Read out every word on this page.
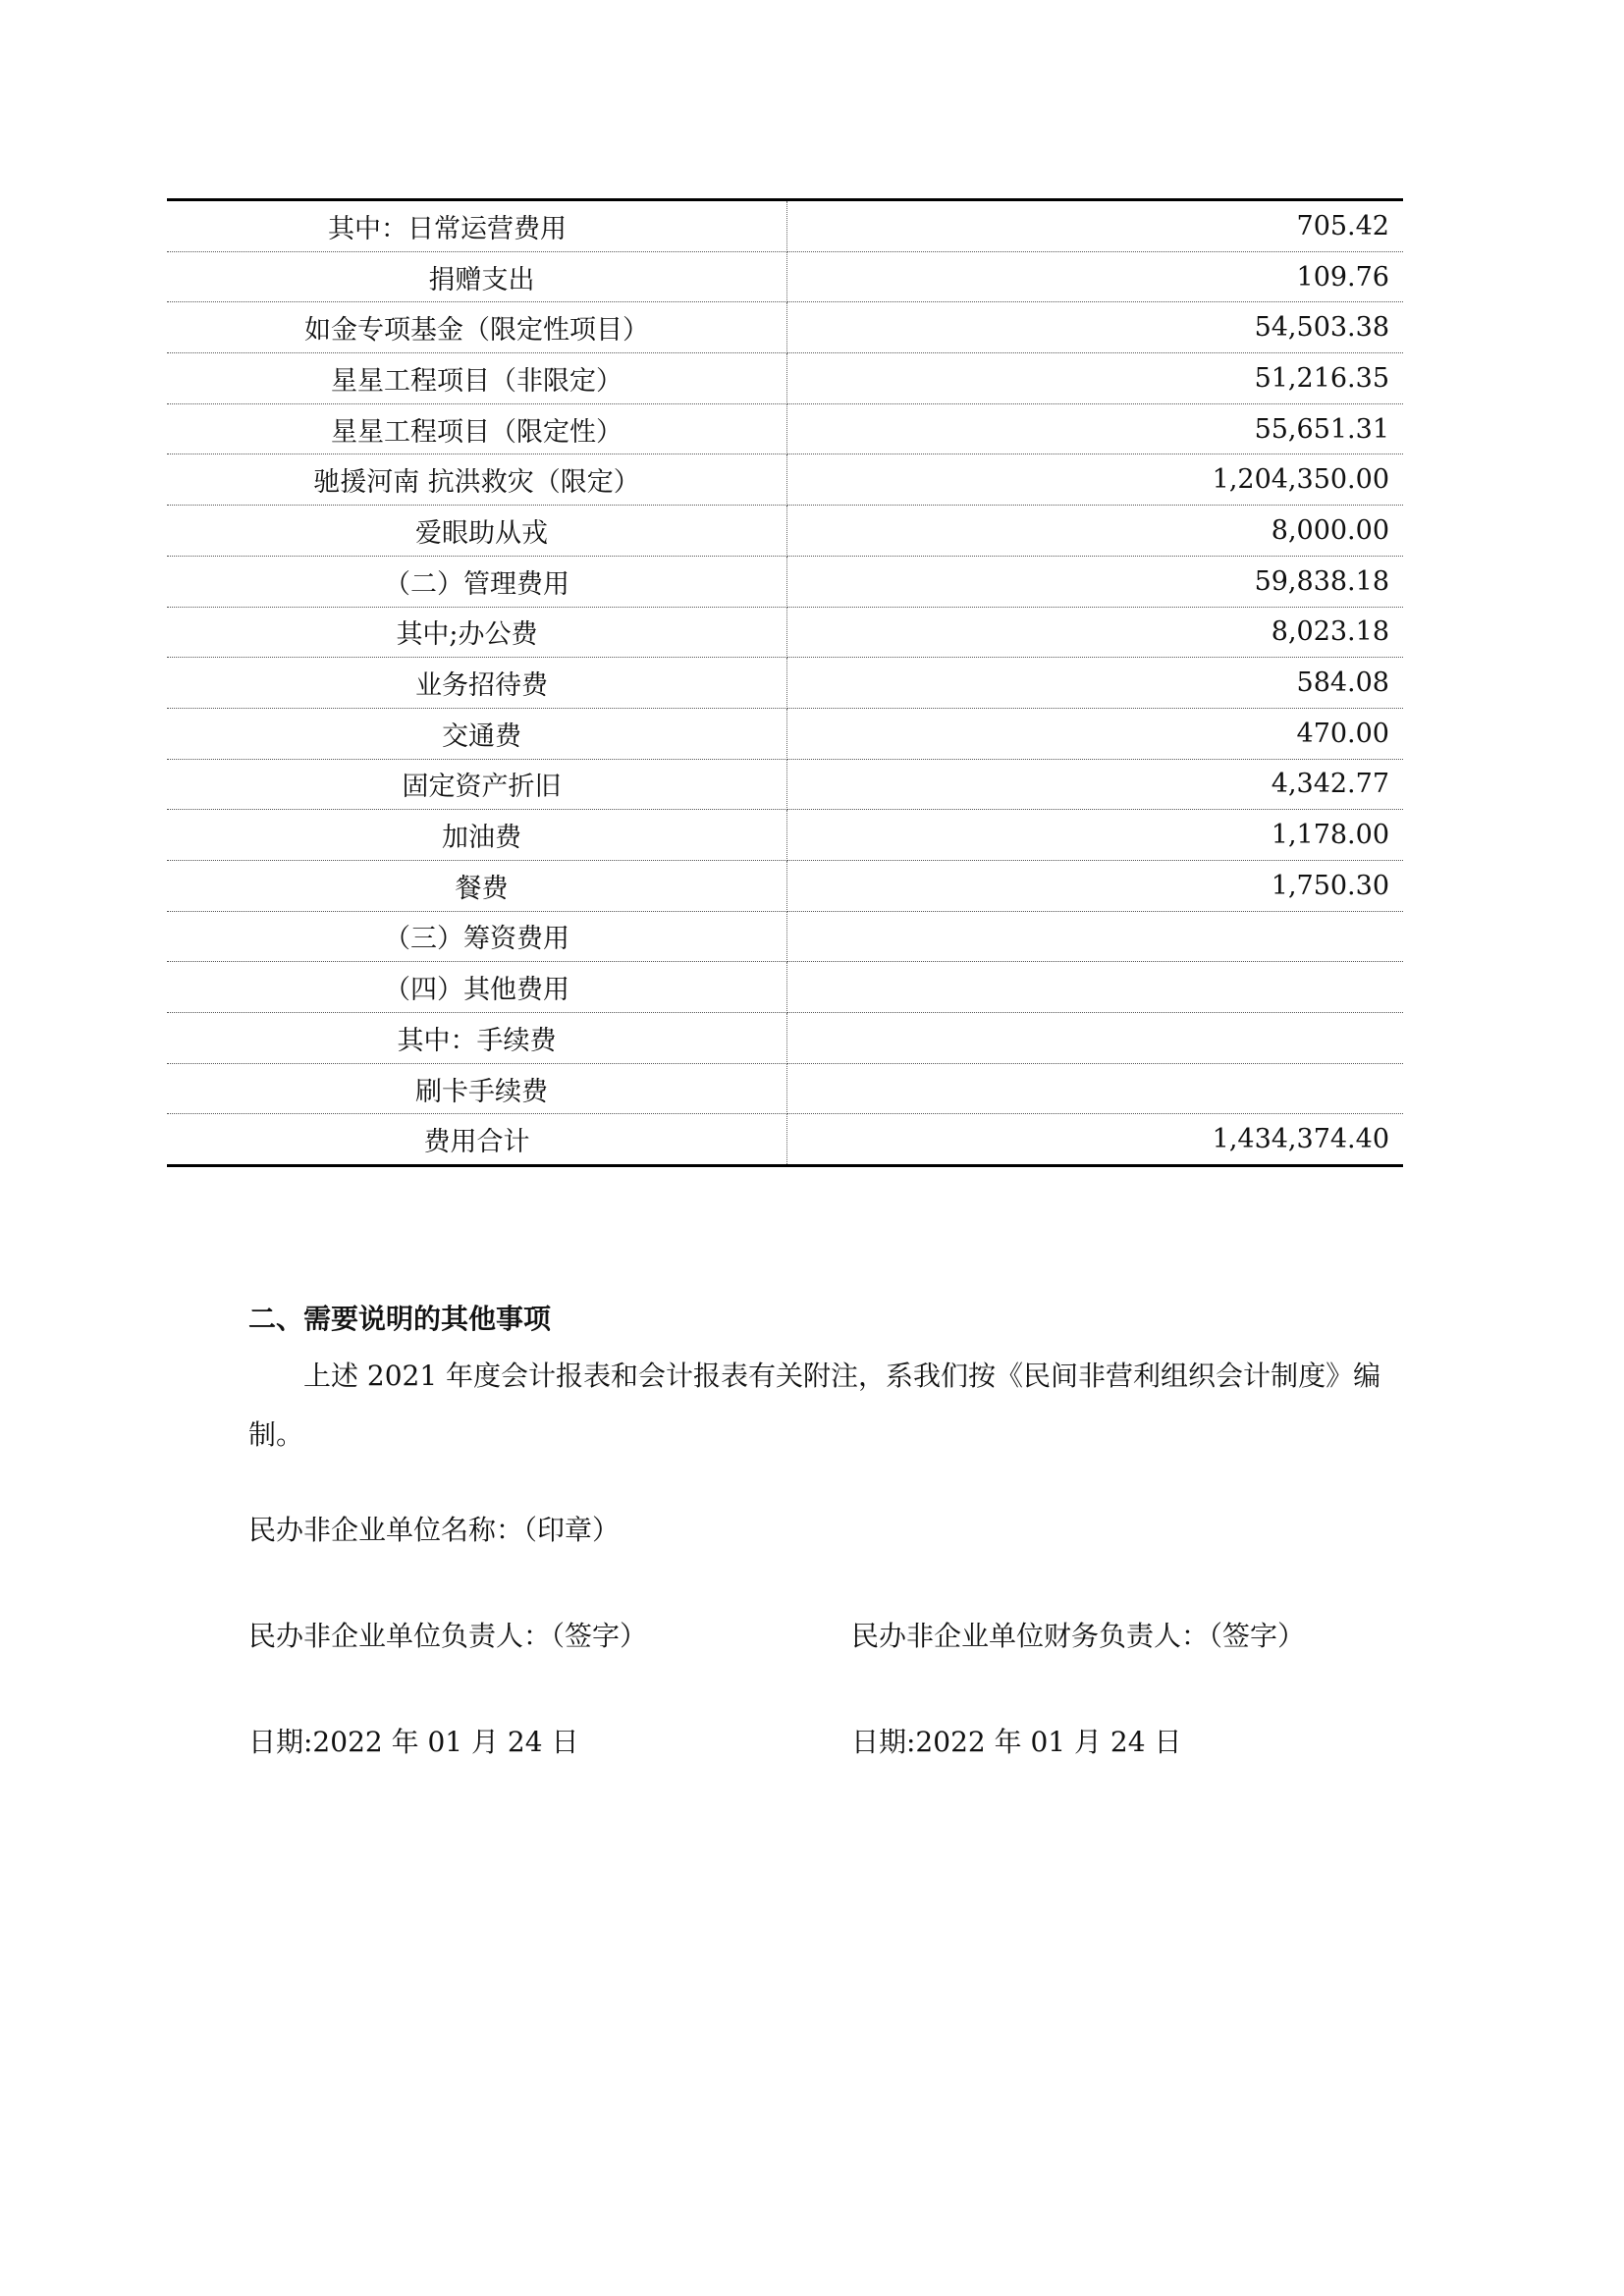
其中：日常运营费用	705.42
捐赠支出	109.76
如金专项基金（限定性项目）	54,503.38
星星工程项目（非限定）	51,216.35
星星工程项目（限定性）	55,651.31
驰援河南 抗洪救灾（限定）	1,204,350.00
爱眼助从戎	8,000.00
（二）管理费用	59,838.18
其中;办公费	8,023.18
业务招待费	584.08
交通费	470.00
固定资产折旧	4,342.77
加油费	1,178.00
餐费	1,750.30
（三）筹资费用	
（四）其他费用	
其中：手续费	
刷卡手续费	
费用合计	1,434,374.40
二、需要说明的其他事项

上述 2021 年度会计报表和会计报表有关附注，系我们按《民间非营利组织会计制度》编制。

民办非企业单位名称：（印章）
民办非企业单位负责人：（签字）	民办非企业单位财务负责人：（签字）
日期:2022 年 01 月 24 日	日期:2022 年 01 月 24 日
